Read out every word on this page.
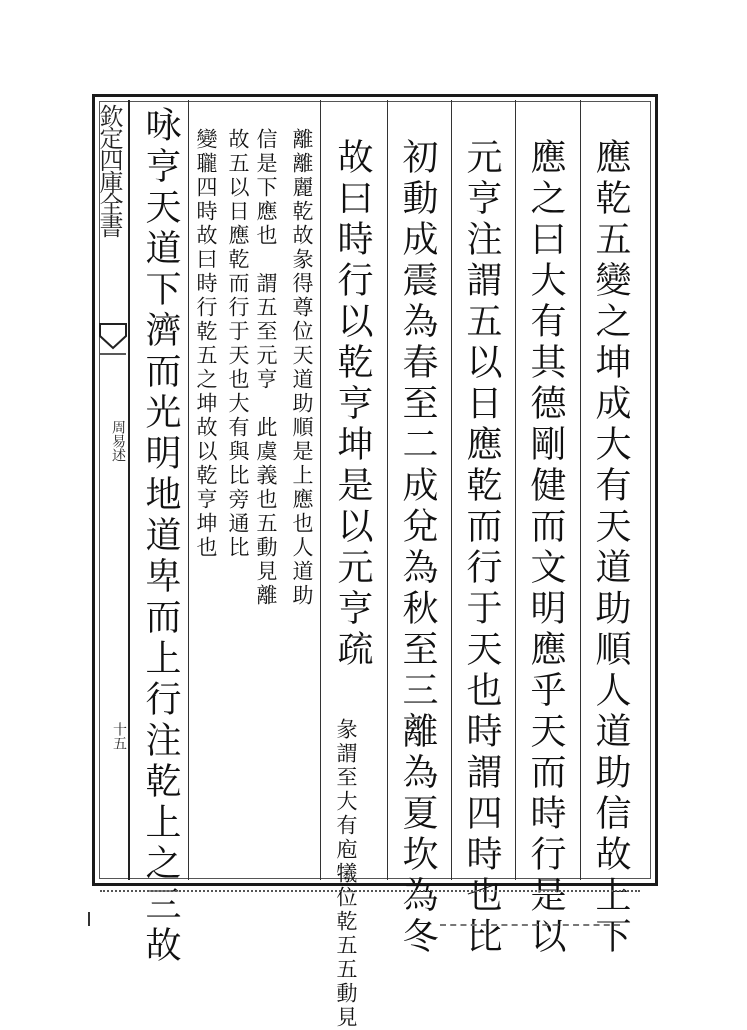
欽定四庫全書
周易述
十五	應乾五變之坤成大有天道助順人道助信故上下
應之曰大有其德剛健而文明應乎天而時行是以
元亨注謂五以日應乾而行于天也時謂四時也比
初動成震為春至二成兌為秋至三離為夏坎為冬
故曰時行以乾亨坤是以元亨疏
彖謂至大有庖犧位乾五五動見
離離麗乾故彖得尊位天道助順是上應也人道助
信是下應也　謂五至元亨　此虞義也五動見離
故五以日應乾而行于天也大有與比旁通比
變䏊四時故曰時行乾五之坤故以乾亨坤也
咏亨天道下濟而光明地道卑而上行注乾上之三故
